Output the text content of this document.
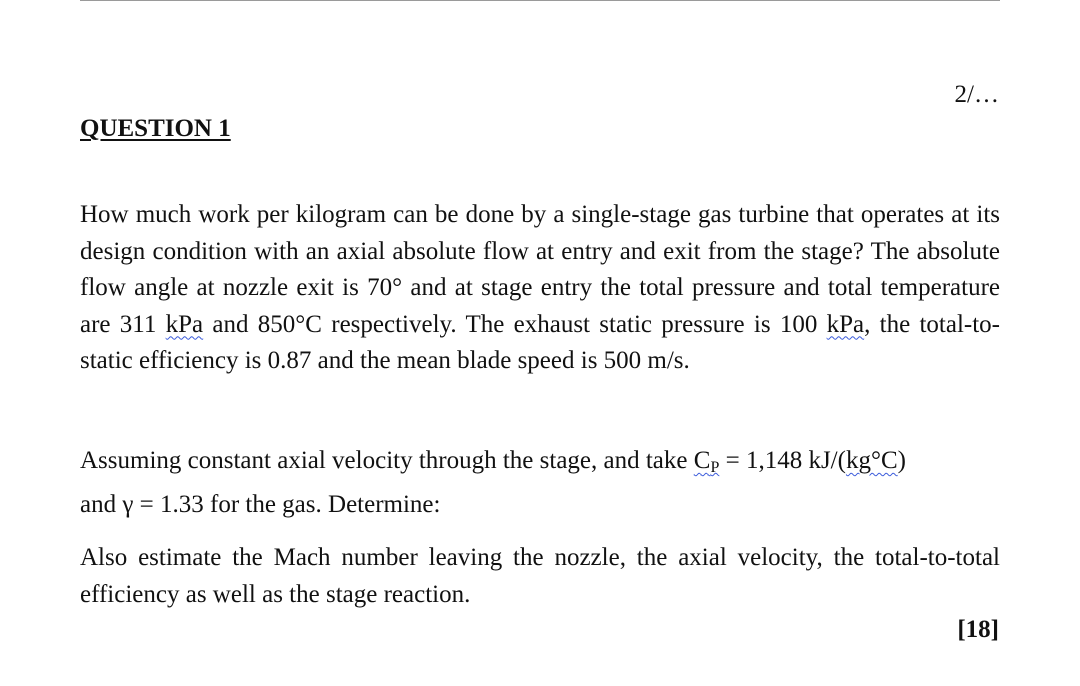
2/…
QUESTION 1

How much work per kilogram can be done by a single-stage gas turbine that operates at its design condition with an axial absolute flow at entry and exit from the stage? The absolute flow angle at nozzle exit is 70° and at stage entry the total pressure and total temperature are 311 kPa and 850°C respectively. The exhaust static pressure is 100 kPa, the total-to-static efficiency is 0.87 and the mean blade speed is 500 m/s.

Assuming constant axial velocity through the stage, and take $C_P = 1,148$ kJ/(kg°C)
and γ = 1.33 for the gas. Determine:

Also estimate the Mach number leaving the nozzle, the axial velocity, the total-to-total efficiency as well as the stage reaction.

[18]
